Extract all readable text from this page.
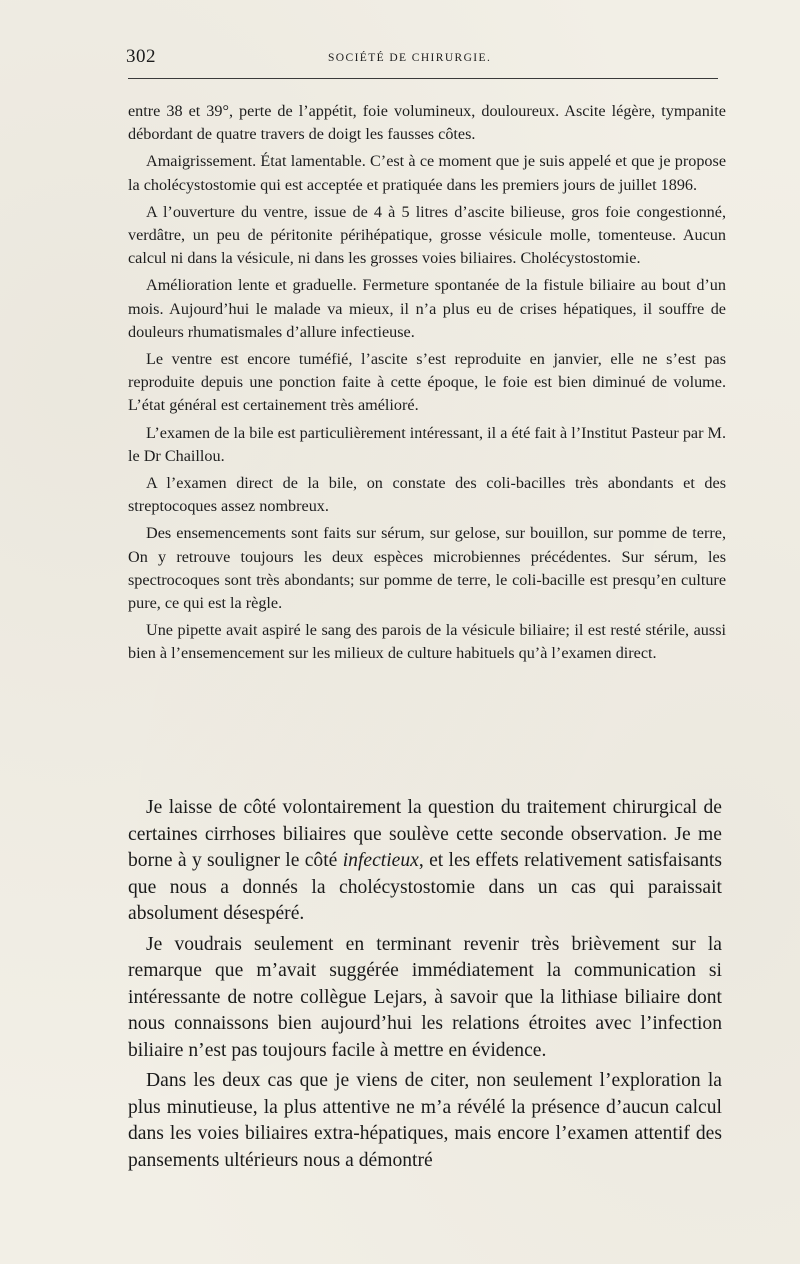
302	SOCIÉTÉ DE CHIRURGIE.

entre 38 et 39°, perte de l’appétit, foie volumineux, douloureux. Ascite légère, tympanite débordant de quatre travers de doigt les fausses côtes.

Amaigrissement. État lamentable. C’est à ce moment que je suis appelé et que je propose la cholécystostomie qui est acceptée et pratiquée dans les premiers jours de juillet 1896.

A l’ouverture du ventre, issue de 4 à 5 litres d’ascite bilieuse, gros foie congestionné, verdâtre, un peu de péritonite périhépatique, grosse vésicule molle, tomenteuse. Aucun calcul ni dans la vésicule, ni dans les grosses voies biliaires. Cholécystostomie.

Amélioration lente et graduelle. Fermeture spontanée de la fistule biliaire au bout d’un mois. Aujourd’hui le malade va mieux, il n’a plus eu de crises hépatiques, il souffre de douleurs rhumatismales d’allure infectieuse.

Le ventre est encore tuméfié, l’ascite s’est reproduite en janvier, elle ne s’est pas reproduite depuis une ponction faite à cette époque, le foie est bien diminué de volume. L’état général est certainement très amélioré.

L’examen de la bile est particulièrement intéressant, il a été fait à l’Institut Pasteur par M. le Dr Chaillou.

A l’examen direct de la bile, on constate des coli-bacilles très abondants et des streptocoques assez nombreux.

Des ensemencements sont faits sur sérum, sur gelose, sur bouillon, sur pomme de terre, On y retrouve toujours les deux espèces microbiennes précédentes. Sur sérum, les spectrocoques sont très abondants; sur pomme de terre, le coli-bacille est presqu’en culture pure, ce qui est la règle.

Une pipette avait aspiré le sang des parois de la vésicule biliaire; il est resté stérile, aussi bien à l’ensemencement sur les milieux de culture habituels qu’à l’examen direct.

Je laisse de côté volontairement la question du traitement chirurgical de certaines cirrhoses biliaires que soulève cette seconde observation. Je me borne à y souligner le côté infectieux, et les effets relativement satisfaisants que nous a donnés la cholécystostomie dans un cas qui paraissait absolument désespéré.

Je voudrais seulement en terminant revenir très brièvement sur la remarque que m’avait suggérée immédiatement la communication si intéressante de notre collègue Lejars, à savoir que la lithiase biliaire dont nous connaissons bien aujourd’hui les relations étroites avec l’infection biliaire n’est pas toujours facile à mettre en évidence.

Dans les deux cas que je viens de citer, non seulement l’exploration la plus minutieuse, la plus attentive ne m’a révélé la présence d’aucun calcul dans les voies biliaires extra-hépatiques, mais encore l’examen attentif des pansements ultérieurs nous a démontré
